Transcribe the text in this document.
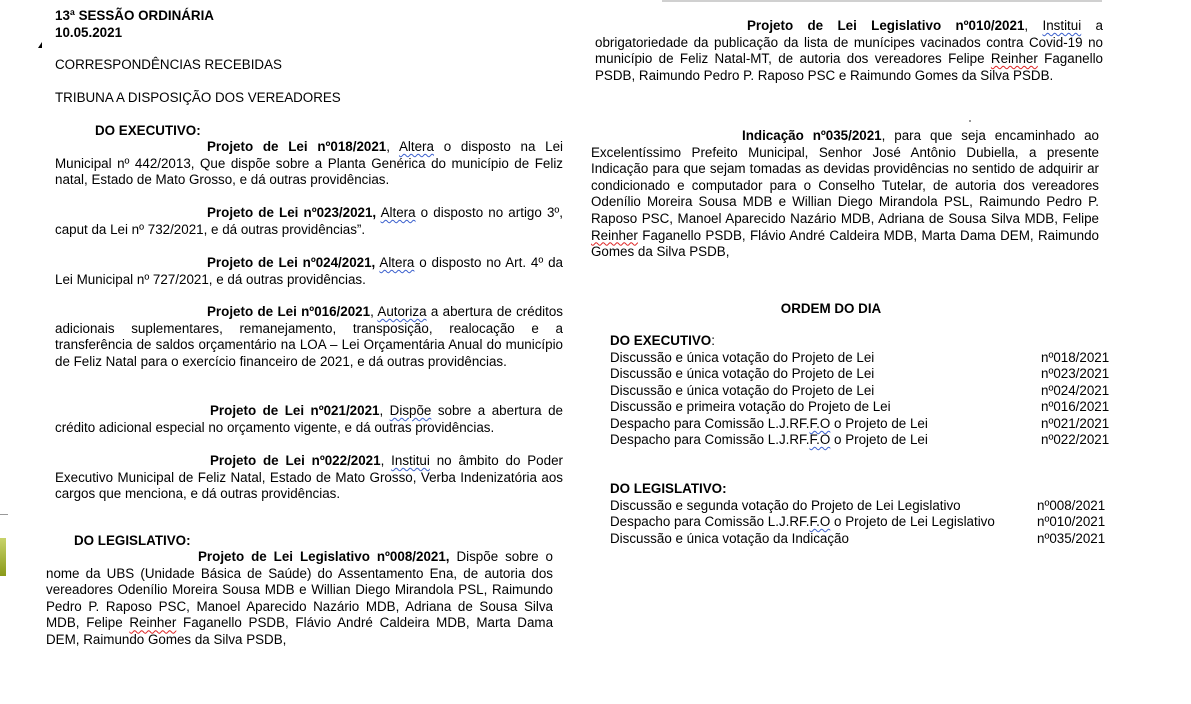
13ª SESSÃO ORDINÁRIA
10.05.2021
CORRESPONDÊNCIAS RECEBIDAS
TRIBUNA A DISPOSIÇÃO DOS VEREADORES
DO EXECUTIVO:

Projeto de Lei nº018/2021, Altera o disposto na Lei Municipal nº 442/2013, Que dispõe sobre a Planta Genérica do município de Feliz natal, Estado de Mato Grosso, e dá outras providências.

Projeto de Lei nº023/2021, Altera o disposto no artigo 3º, caput da Lei nº 732/2021, e dá outras providências”.

Projeto de Lei nº024/2021, Altera o disposto no Art. 4º da Lei Municipal nº 727/2021, e dá outras providências.

Projeto de Lei nº016/2021, Autoriza a abertura de créditos adicionais suplementares, remanejamento, transposição, realocação e a transferência de saldos orçamentário na LOA – Lei Orçamentária Anual do município de Feliz Natal para o exercício financeiro de 2021, e dá outras providências.

Projeto de Lei nº021/2021, Dispõe sobre a abertura de crédito adicional especial no orçamento vigente, e dá outras providências.

Projeto de Lei nº022/2021, Institui no âmbito do Poder Executivo Municipal de Feliz Natal, Estado de Mato Grosso, Verba Indenizatória aos cargos que menciona, e dá outras providências.

DO LEGISLATIVO:

Projeto de Lei Legislativo nº008/2021, Dispõe sobre o nome da UBS (Unidade Básica de Saúde) do Assentamento Ena, de autoria dos vereadores Odenílio Moreira Sousa MDB e Willian Diego Mirandola PSL, Raimundo Pedro P. Raposo PSC, Manoel Aparecido Nazário MDB, Adriana de Sousa Silva MDB, Felipe Reinher Faganello PSDB, Flávio André Caldeira MDB, Marta Dama DEM, Raimundo Gomes da Silva PSDB,

Projeto de Lei Legislativo nº010/2021, Institui a obrigatoriedade da publicação da lista de munícipes vacinados contra Covid-19 no município de Feliz Natal-MT, de autoria dos vereadores Felipe Reinher Faganello PSDB, Raimundo Pedro P. Raposo PSC e Raimundo Gomes da Silva PSDB.

Indicação nº035/2021, para que seja encaminhado ao Excelentíssimo Prefeito Municipal, Senhor José Antônio Dubiella, a presente Indicação para que sejam tomadas as devidas providências no sentido de adquirir ar condicionado e computador para o Conselho Tutelar, de autoria dos vereadores Odenílio Moreira Sousa MDB e Willian Diego Mirandola PSL, Raimundo Pedro P. Raposo PSC, Manoel Aparecido Nazário MDB, Adriana de Sousa Silva MDB, Felipe Reinher Faganello PSDB, Flávio André Caldeira MDB, Marta Dama DEM, Raimundo Gomes da Silva PSDB,

ORDEM DO DIA
DO EXECUTIVO:
Discussão e única votação do Projeto de Lei	nº018/2021
Discussão e única votação do Projeto de Lei	nº023/2021
Discussão e única votação do Projeto de Lei	nº024/2021
Discussão e primeira votação do Projeto de Lei	nº016/2021
Despacho para Comissão L.J.RF.F.O o Projeto de Lei	nº021/2021
Despacho para Comissão L.J.RF.F.O o Projeto de Lei	nº022/2021
DO LEGISLATIVO:
Discussão e segunda votação do Projeto de Lei Legislativo	nº008/2021
Despacho para Comissão L.J.RF.F.O o Projeto de Lei Legislativo	nº010/2021
Discussão e única votação da Indicação	nº035/2021
